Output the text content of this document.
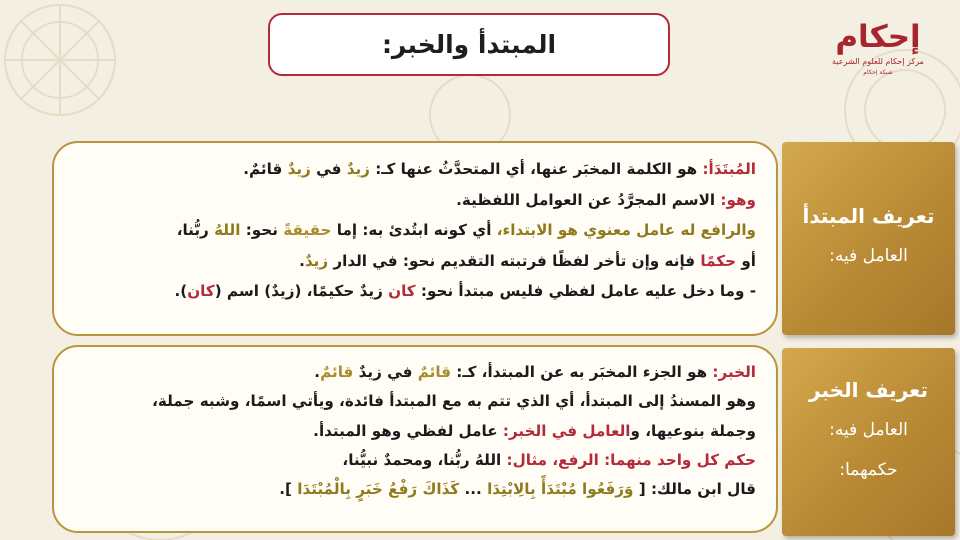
المبتدأ والخبر:	إحكام
مركز إحكام للعلوم الشرعية
شبكة إحكام
المُبتَدَأ: هو الكلمة المخبَر عنها، أي المتحدَّثُ عنها كـ: زيدٌ في زيدٌ قائمٌ.
وهو: الاسم المجرَّدُ عن العوامل اللفظية.
والرافع له عامل معنوي هو الابتداء، أي كونه ابتُدئ به: إما حقيقةً نحو: اللهُ ربُّنا،
أو حكمًا فإنه وإن تأخر لفظًا فرتبته التقديم نحو: في الدار زيدٌ.
- وما دخل عليه عامل لفظي فليس مبتدأ نحو: كان زيدٌ حكيمًا، (زيدٌ) اسم (كان).
الخبر: هو الجزء المخبَر به عن المبتدأ، كـ: قائمٌ في زيدٌ قائمٌ.
وهو المسندُ إلى المبتدأ، أي الذي تتم به مع المبتدأ فائدة، ويأتي اسمًا، وشبه جملة،
وجملة بنوعيها، والعامل في الخبر: عامل لفظي وهو المبتدأ.
حكم كل واحد منهما: الرفع، مثال: اللهُ ربُّنا، ومحمدٌ نبيُّنا،
قال ابن مالك: [ وَرَفَعُوا مُبْتَدَأً بِالِابْتِدَا ... كَذَاكَ رَفْعُ خَبَرٍ بِالْمُبْتَدَا ].
تعريف المبتدأ
العامل فيه:
تعريف الخبر
العامل فيه:
حكمهما:
